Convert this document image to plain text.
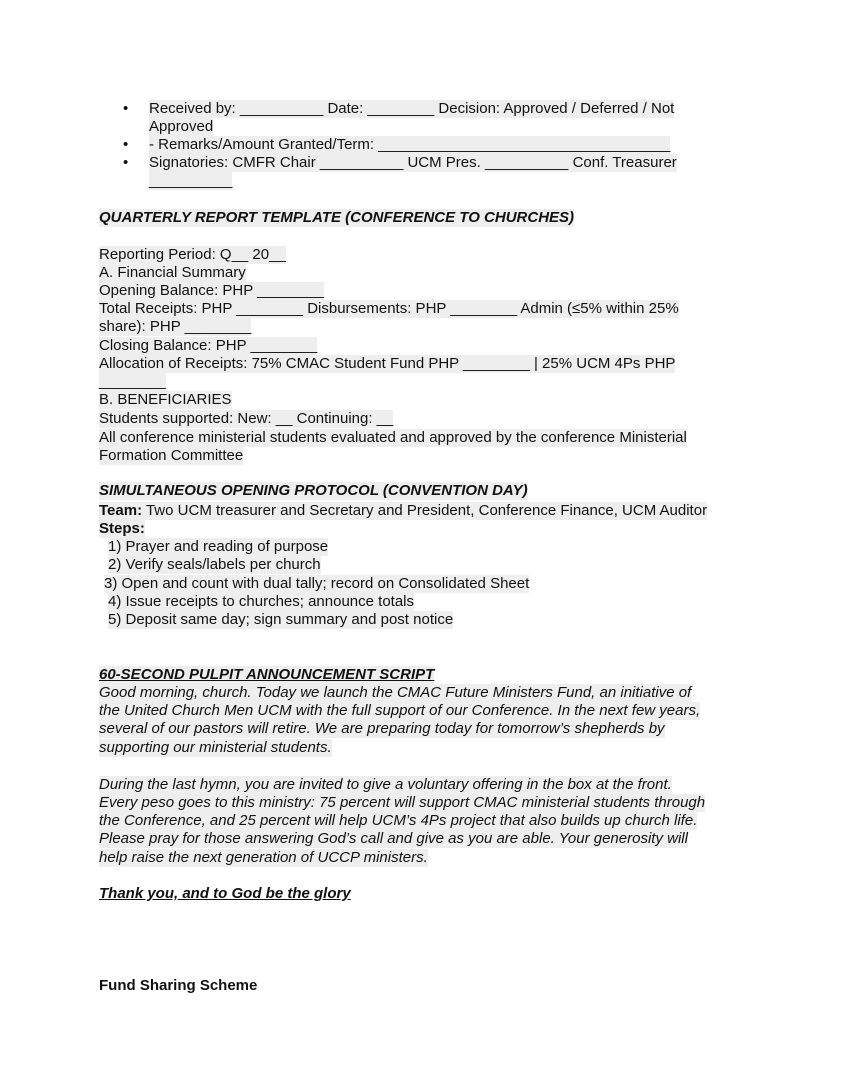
• Received by: __________ Date: ________ Decision: Approved / Deferred / Not
Approved
• - Remarks/Amount Granted/Term: ___________________________________
• Signatories: CMFR Chair __________ UCM Pres. __________ Conf. Treasurer
__________
QUARTERLY REPORT TEMPLATE (CONFERENCE TO CHURCHES)
Reporting Period: Q__ 20__
A. Financial Summary
Opening Balance: PHP ________
Total Receipts: PHP ________ Disbursements: PHP ________ Admin (≤5% within 25%
share): PHP ________
Closing Balance: PHP ________
Allocation of Receipts: 75% CMAC Student Fund PHP ________ | 25% UCM 4Ps PHP
________
B. BENEFICIARIES
Students supported: New: __ Continuing: __
All conference ministerial students evaluated and approved by the conference Ministerial
Formation Committee
SIMULTANEOUS OPENING PROTOCOL (CONVENTION DAY)
Team: Two UCM treasurer and Secretary and President, Conference Finance, UCM Auditor
Steps:
1) Prayer and reading of purpose
2) Verify seals/labels per church
3) Open and count with dual tally; record on Consolidated Sheet
4) Issue receipts to churches; announce totals
5) Deposit same day; sign summary and post notice
60-SECOND PULPIT ANNOUNCEMENT SCRIPT
Good morning, church. Today we launch the CMAC Future Ministers Fund, an initiative of
the United Church Men UCM with the full support of our Conference. In the next few years,
several of our pastors will retire. We are preparing today for tomorrow’s shepherds by
supporting our ministerial students.
During the last hymn, you are invited to give a voluntary offering in the box at the front.
Every peso goes to this ministry: 75 percent will support CMAC ministerial students through
the Conference, and 25 percent will help UCM’s 4Ps project that also builds up church life.
Please pray for those answering God’s call and give as you are able. Your generosity will
help raise the next generation of UCCP ministers.
Thank you, and to God be the glory
Fund Sharing Scheme
